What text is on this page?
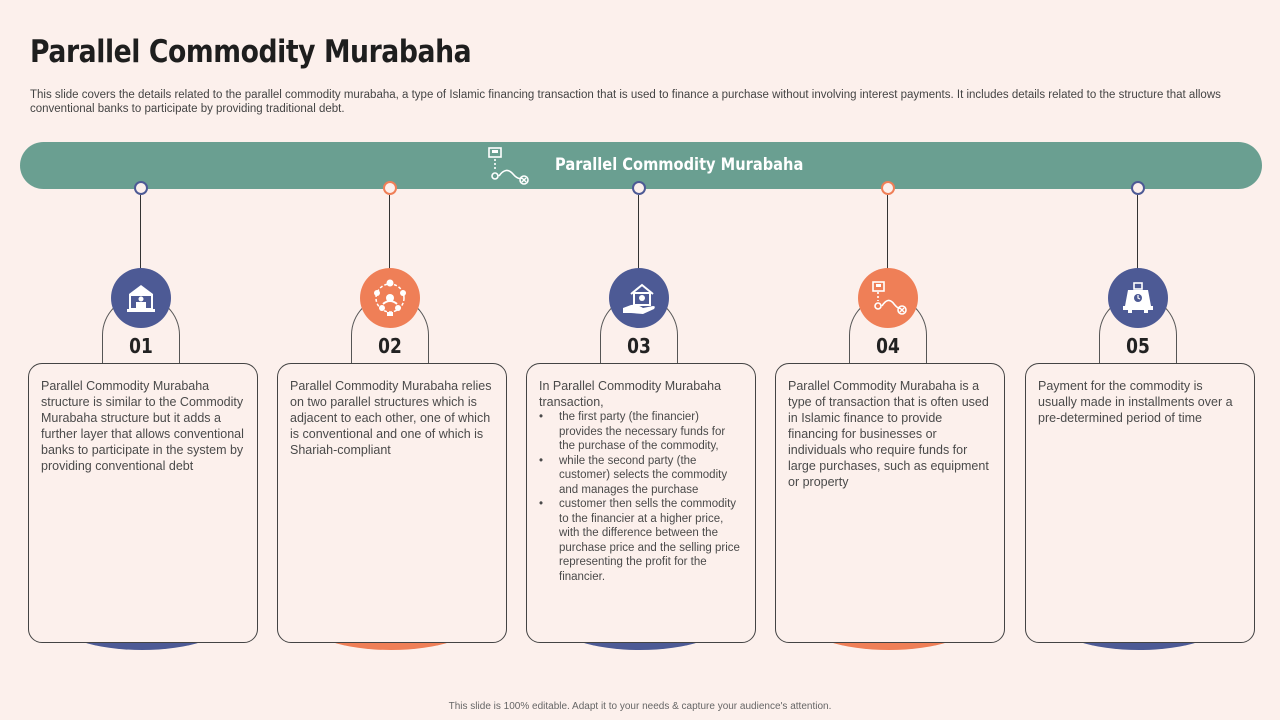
Parallel Commodity Murabaha
This slide covers the details related to the parallel commodity murabaha, a type of Islamic financing transaction that is used to finance a purchase without involving interest payments. It includes details related to the structure that allows conventional banks to participate by providing traditional debt.
Parallel Commodity Murabaha
01
Parallel Commodity Murabaha structure is similar to the Commodity Murabaha structure but it adds a further layer that allows conventional banks to participate in the system by providing conventional debt
02
Parallel Commodity Murabaha relies on two parallel structures which is adjacent to each other, one of which is conventional and one of which is Shariah-compliant
03
In Parallel Commodity Murabaha transaction,
• the first party (the financier) provides the necessary funds for the purchase of the commodity,
• while the second party (the customer) selects the commodity and manages the purchase
• customer then sells the commodity to the financier at a higher price, with the difference between the purchase price and the selling price representing the profit for the financier.
04
Parallel Commodity Murabaha is a type of transaction that is often used in Islamic finance to provide financing for businesses or individuals who require funds for large purchases, such as equipment or property
05
Payment for the commodity is usually made in installments over a pre-determined period of time
This slide is 100% editable. Adapt it to your needs & capture your audience's attention.
